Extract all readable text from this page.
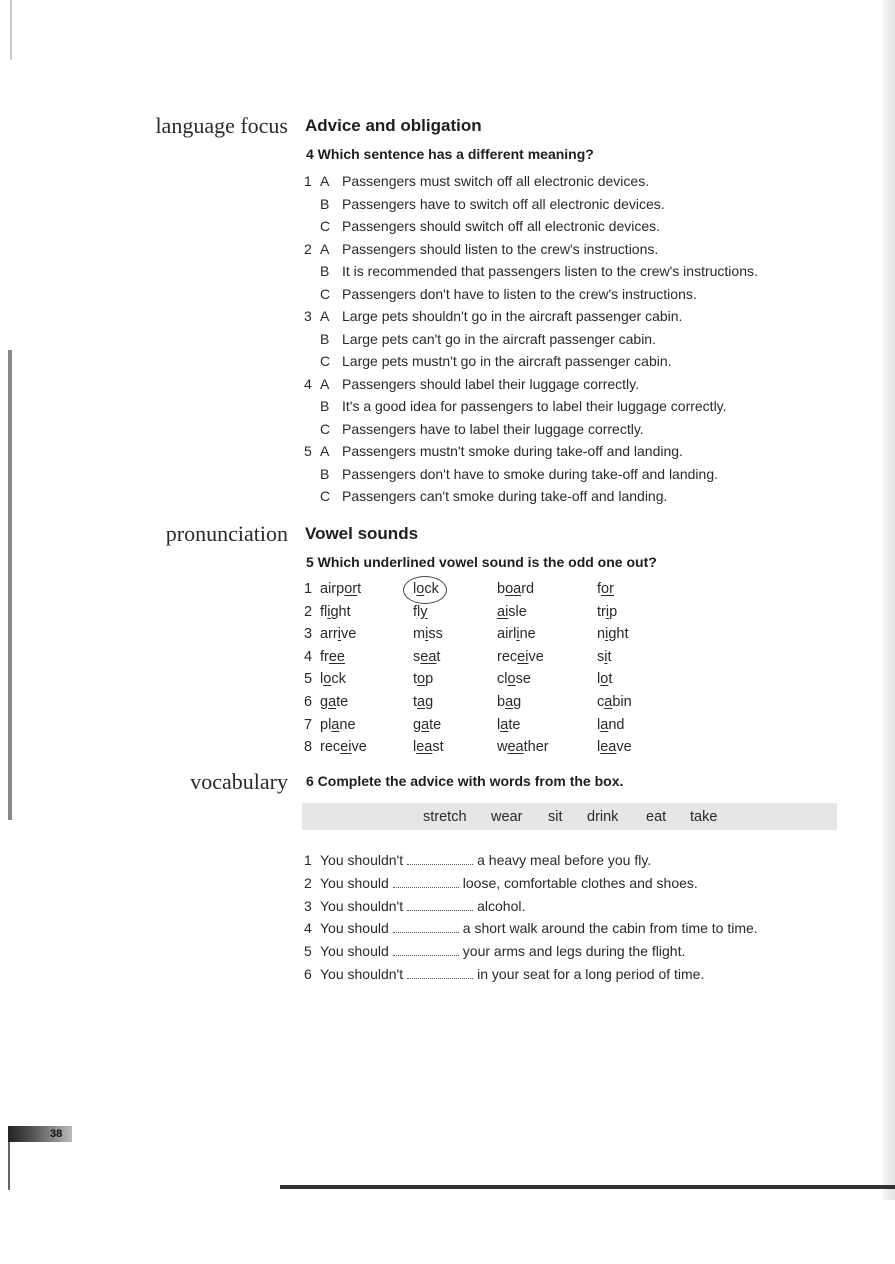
language focus Advice and obligation
4 Which sentence has a different meaning?
1 A Passengers must switch off all electronic devices.
B Passengers have to switch off all electronic devices.
C Passengers should switch off all electronic devices.
2 A Passengers should listen to the crew's instructions.
B It is recommended that passengers listen to the crew's instructions.
C Passengers don't have to listen to the crew's instructions.
3 A Large pets shouldn't go in the aircraft passenger cabin.
B Large pets can't go in the aircraft passenger cabin.
C Large pets mustn't go in the aircraft passenger cabin.
4 A Passengers should label their luggage correctly.
B It's a good idea for passengers to label their luggage correctly.
C Passengers have to label their luggage correctly.
5 A Passengers mustn't smoke during take-off and landing.
B Passengers don't have to smoke during take-off and landing.
C Passengers can't smoke during take-off and landing.
pronunciation Vowel sounds
5 Which underlined vowel sound is the odd one out?
1 airport	lock	board	for
2 flight	fly	aisle	trip
3 arrive	miss	airline	night
4 free	seat	receive	sit
5 lock	top	close	lot
6 gate	tag	bag	cabin
7 plane	gate	late	land
8 receive	least	weather	leave
vocabulary 6 Complete the advice with words from the box.
stretch wear sit drink eat take
1 You shouldn't	a heavy meal before you fly.
2 You should	loose, comfortable clothes and shoes.
3 You shouldn't	alcohol.
4 You should	a short walk around the cabin from time to time.
5 You should	your arms and legs during the flight.
6 You shouldn't	in your seat for a long period of time.
38
